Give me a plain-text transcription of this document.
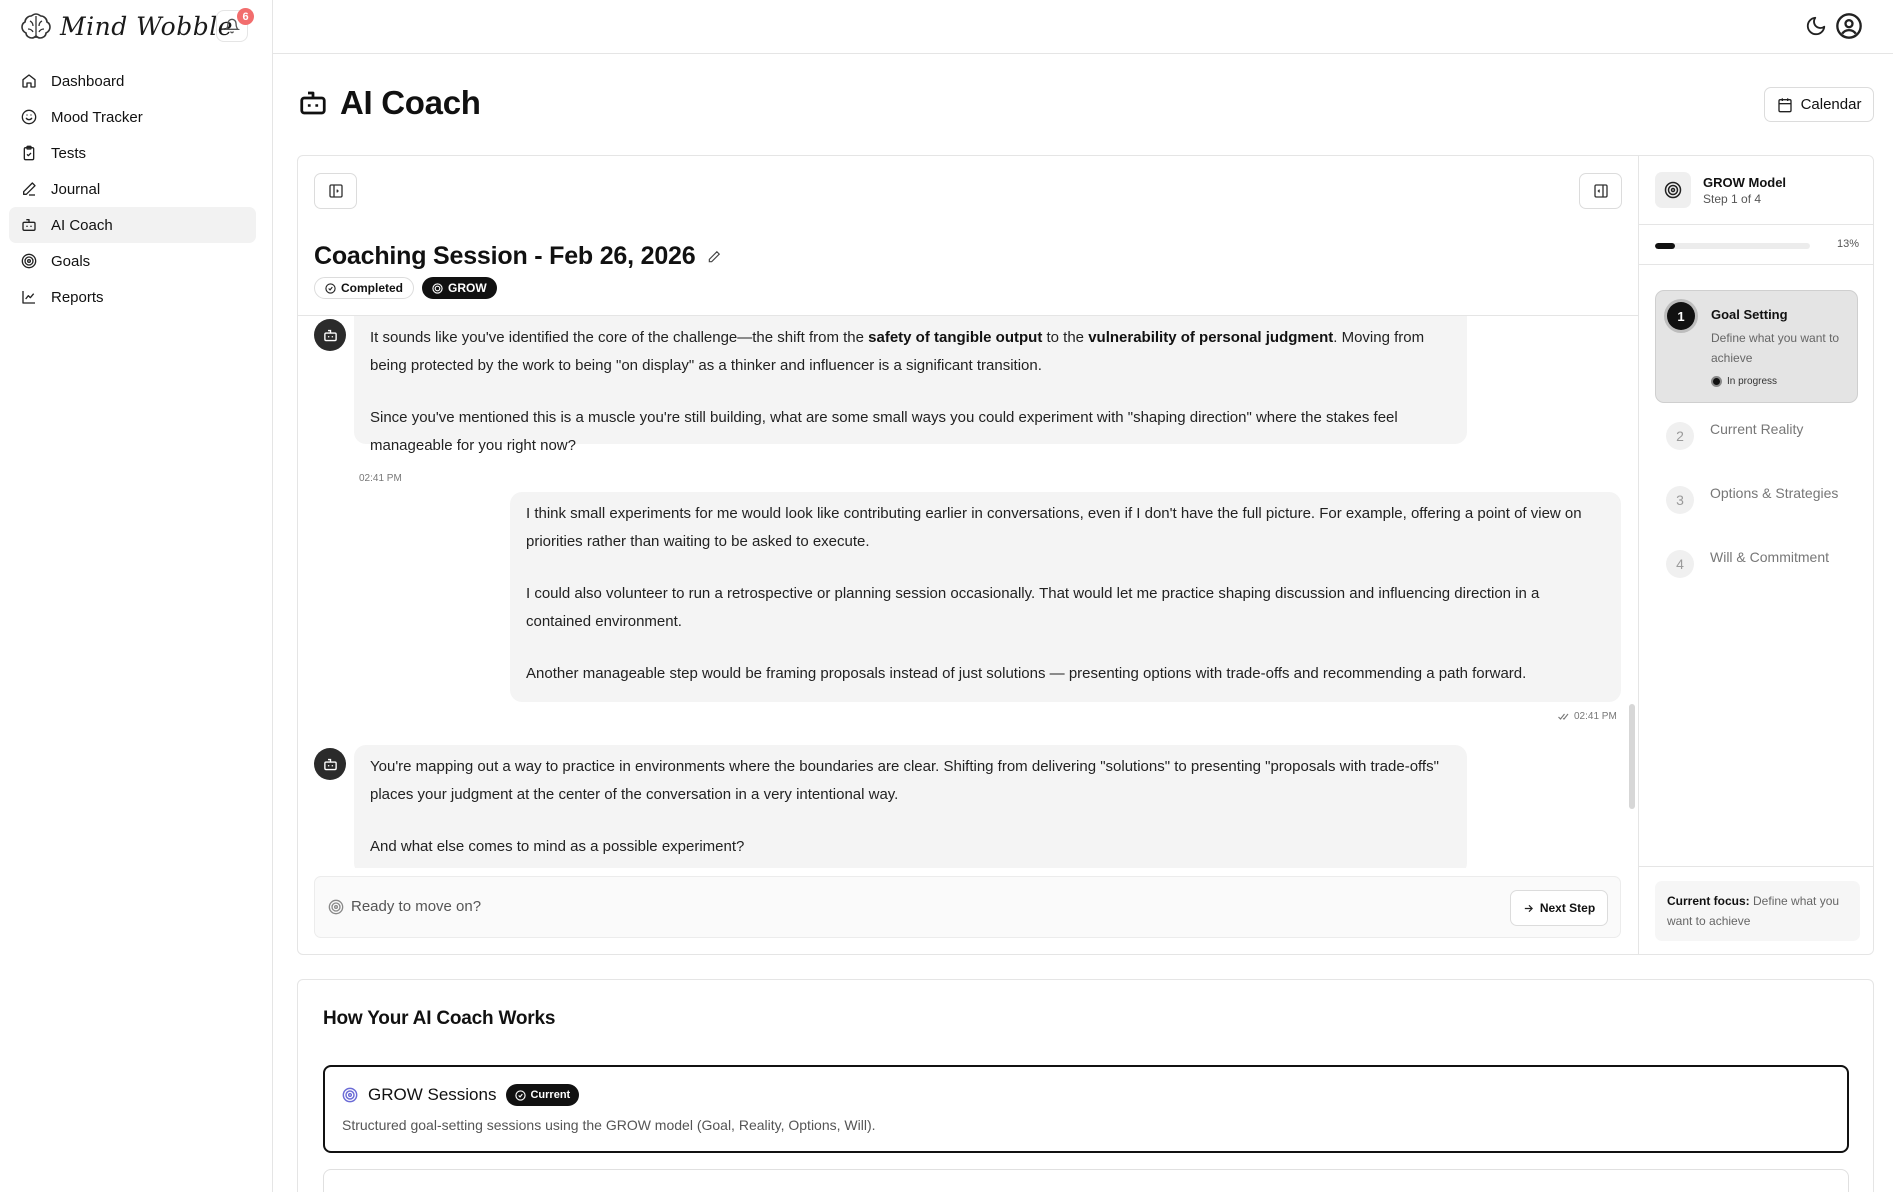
Mind Wobble 6
Dashboard
Mood Tracker
Tests
Journal
AI Coach
Goals
Reports
AI Coach	Calendar
Coaching Session - Feb 26, 2026
Completed	GROW

It sounds like you've identified the core of the challenge—the shift from the safety of tangible output to the vulnerability of personal judgment. Moving from being protected by the work to being "on display" as a thinker and influencer is a significant transition.

Since you've mentioned this is a muscle you're still building, what are some small ways you could experiment with "shaping direction" where the stakes feel manageable for you right now?

02:41 PM

I think small experiments for me would look like contributing earlier in conversations, even if I don't have the full picture. For example, offering a point of view on priorities rather than waiting to be asked to execute.

I could also volunteer to run a retrospective or planning session occasionally. That would let me practice shaping discussion and influencing direction in a contained environment.

Another manageable step would be framing proposals instead of just solutions — presenting options with trade-offs and recommending a path forward.

02:41 PM

You're mapping out a way to practice in environments where the boundaries are clear. Shifting from delivering "solutions" to presenting "proposals with trade-offs" places your judgment at the center of the conversation in a very intentional way.

And what else comes to mind as a possible experiment?

Ready to move on?	Next Step
GROW Model
Step 1 of 4
13%
1	Goal Setting
Define what you want to achieve
In progress
2	Current Reality
3	Options & Strategies
4	Will & Commitment
Current focus: Define what you want to achieve
How Your AI Coach Works
GROW Sessions	Current
Structured goal-setting sessions using the GROW model (Goal, Reality, Options, Will).
